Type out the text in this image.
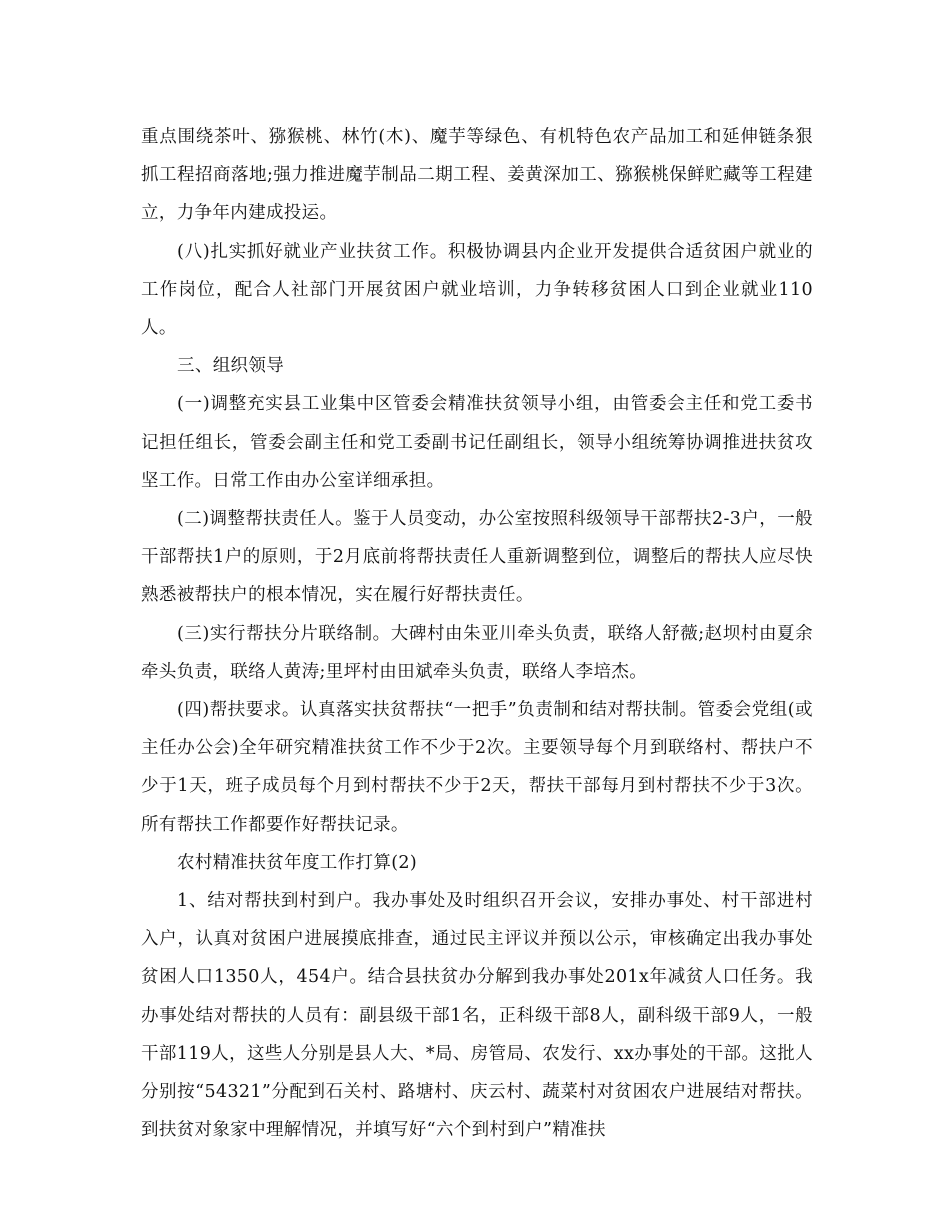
重点围绕茶叶、猕猴桃、林竹(木)、魔芋等绿色、有机特色农产品加工和延伸链条狠抓工程招商落地;强力推进魔芋制品二期工程、姜黄深加工、猕猴桃保鲜贮藏等工程建立，力争年内建成投运。

(八)扎实抓好就业产业扶贫工作。积极协调县内企业开发提供合适贫困户就业的工作岗位，配合人社部门开展贫困户就业培训，力争转移贫困人口到企业就业110人。

三、组织领导

(一)调整充实县工业集中区管委会精准扶贫领导小组，由管委会主任和党工委书记担任组长，管委会副主任和党工委副书记任副组长，领导小组统筹协调推进扶贫攻坚工作。日常工作由办公室详细承担。

(二)调整帮扶责任人。鉴于人员变动，办公室按照科级领导干部帮扶2-3户，一般干部帮扶1户的原则，于2月底前将帮扶责任人重新调整到位，调整后的帮扶人应尽快熟悉被帮扶户的根本情况，实在履行好帮扶责任。

(三)实行帮扶分片联络制。大碑村由朱亚川牵头负责，联络人舒薇;赵坝村由夏余牵头负责，联络人黄涛;里坪村由田斌牵头负责，联络人李培杰。

(四)帮扶要求。认真落实扶贫帮扶“一把手”负责制和结对帮扶制。管委会党组(或主任办公会)全年研究精准扶贫工作不少于2次。主要领导每个月到联络村、帮扶户不少于1天，班子成员每个月到村帮扶不少于2天，帮扶干部每月到村帮扶不少于3次。所有帮扶工作都要作好帮扶记录。

农村精准扶贫年度工作打算(2)

1、结对帮扶到村到户。我办事处及时组织召开会议，安排办事处、村干部进村入户，认真对贫困户进展摸底排查，通过民主评议并预以公示，审核确定出我办事处贫困人口1350人，454户。结合县扶贫办分解到我办事处201x年减贫人口任务。我办事处结对帮扶的人员有：副县级干部1名，正科级干部8人，副科级干部9人，一般干部119人，这些人分别是县人大、*局、房管局、农发行、xx办事处的干部。这批人分别按“54321”分配到石关村、路塘村、庆云村、蔬菜村对贫困农户进展结对帮扶。到扶贫对象家中理解情况，并填写好“六个到村到户”精准扶
